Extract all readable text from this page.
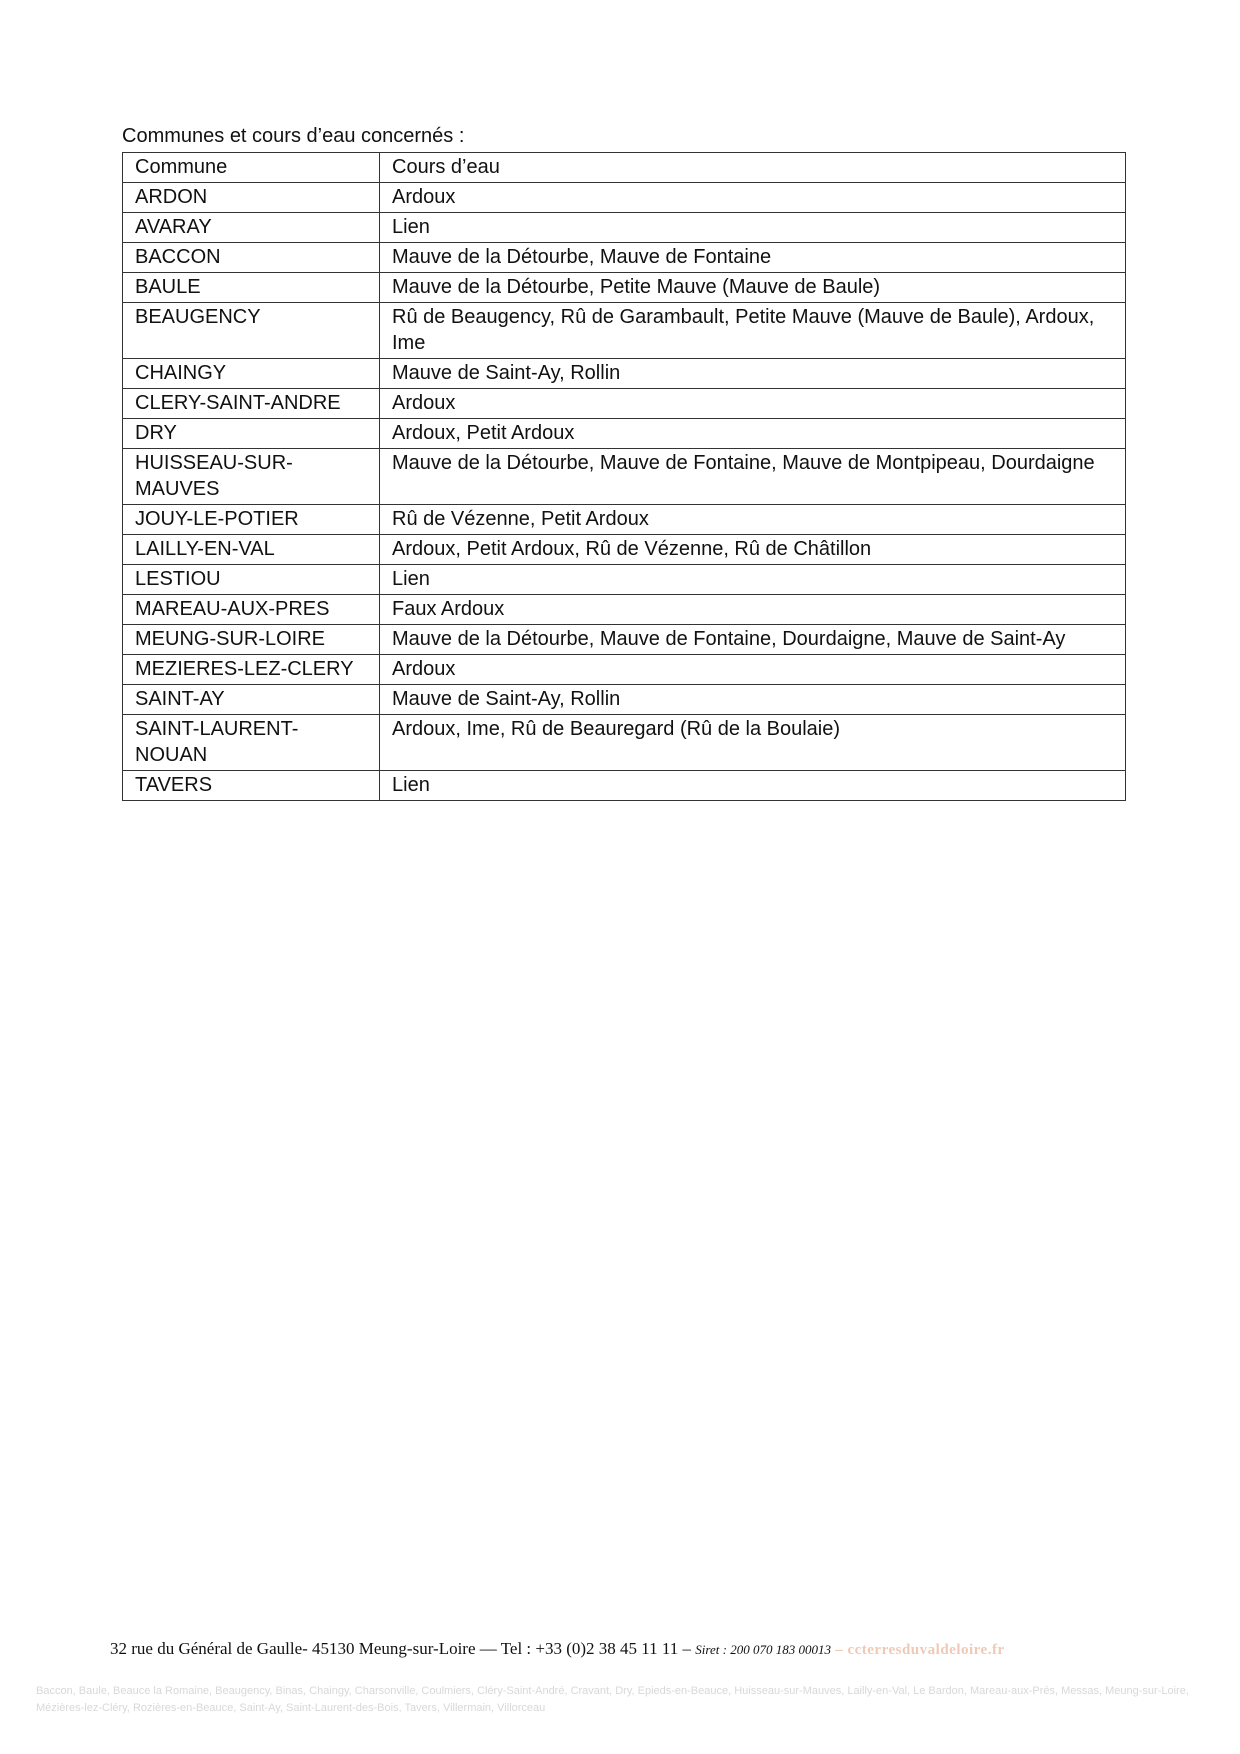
Communes et cours d’eau concernés :
Commune	Cours d’eau
ARDON	Ardoux
AVARAY	Lien
BACCON	Mauve de la Détourbe, Mauve de Fontaine
BAULE	Mauve de la Détourbe, Petite Mauve (Mauve de Baule)
BEAUGENCY	Rû de Beaugency, Rû de Garambault, Petite Mauve (Mauve de Baule), Ardoux, Ime
CHAINGY	Mauve de Saint-Ay, Rollin
CLERY-SAINT-ANDRE	Ardoux
DRY	Ardoux, Petit Ardoux
HUISSEAU-SUR-MAUVES	Mauve de la Détourbe, Mauve de Fontaine, Mauve de Montpipeau, Dourdaigne
JOUY-LE-POTIER	Rû de Vézenne, Petit Ardoux
LAILLY-EN-VAL	Ardoux, Petit Ardoux, Rû de Vézenne, Rû de Châtillon
LESTIOU	Lien
MAREAU-AUX-PRES	Faux Ardoux
MEUNG-SUR-LOIRE	Mauve de la Détourbe, Mauve de Fontaine, Dourdaigne, Mauve de Saint-Ay
MEZIERES-LEZ-CLERY	Ardoux
SAINT-AY	Mauve de Saint-Ay, Rollin
SAINT-LAURENT-NOUAN	Ardoux, Ime, Rû de Beauregard (Rû de la Boulaie)
TAVERS	Lien
32 rue du Général de Gaulle- 45130 Meung-sur-Loire — Tel : +33 (0)2 38 45 11 11 – Siret : 200 070 183 00013 – ccterresduvaldeloire.fr
Baccon, Baule, Beauce la Romaine, Beaugency, Binas, Chaingy, Charsonville, Coulmiers, Cléry-Saint-André, Cravant, Dry, Epieds-en-Beauce, Huisseau-sur-Mauves, Lailly-en-Val, Le Bardon, Mareau-aux-Prés, Messas, Meung-sur-Loire, Mézières-lez-Cléry, Rozières-en-Beauce, Saint-Ay, Saint-Laurent-des-Bois, Tavers, Villermain, Villorceau
